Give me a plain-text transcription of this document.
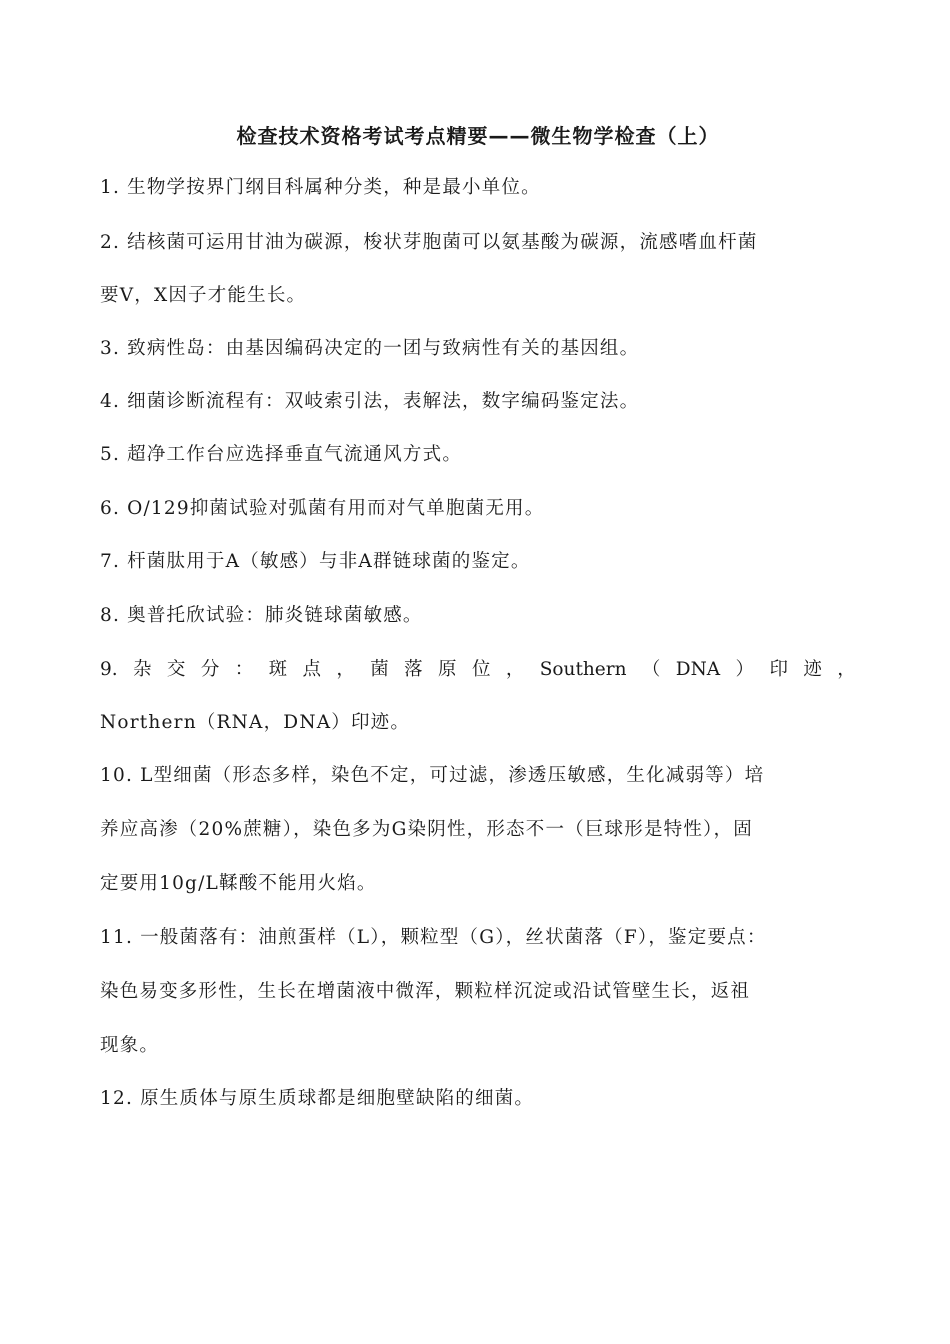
检查技术资格考试考点精要——微生物学检查（上）
1. 生物学按界门纲目科属种分类，种是最小单位。
2. 结核菌可运用甘油为碳源，梭状芽胞菌可以氨基酸为碳源，流感嗜血杆菌
要V，X因子才能生长。
3. 致病性岛：由基因编码决定的一团与致病性有关的基因组。
4. 细菌诊断流程有：双岐索引法，表解法，数字编码鉴定法。
5. 超净工作台应选择垂直气流通风方式。
6. O/129抑菌试验对弧菌有用而对气单胞菌无用。
7. 杆菌肽用于A（敏感）与非A群链球菌的鉴定。
8. 奥普托欣试验：肺炎链球菌敏感。
9. 杂 交 分 ： 斑 点 ， 菌 落 原 位 ， Southern （ DNA ） 印 迹 ，
Northern（RNA，DNA）印迹。
10. L型细菌（形态多样，染色不定，可过滤，渗透压敏感，生化减弱等）培
养应高渗（20%蔗糖），染色多为G染阴性，形态不一（巨球形是特性），固
定要用10g/L鞣酸不能用火焰。
11. 一般菌落有：油煎蛋样（L），颗粒型（G），丝状菌落（F），鉴定要点：
染色易变多形性，生长在增菌液中微浑，颗粒样沉淀或沿试管壁生长，返祖
现象。
12. 原生质体与原生质球都是细胞壁缺陷的细菌。
